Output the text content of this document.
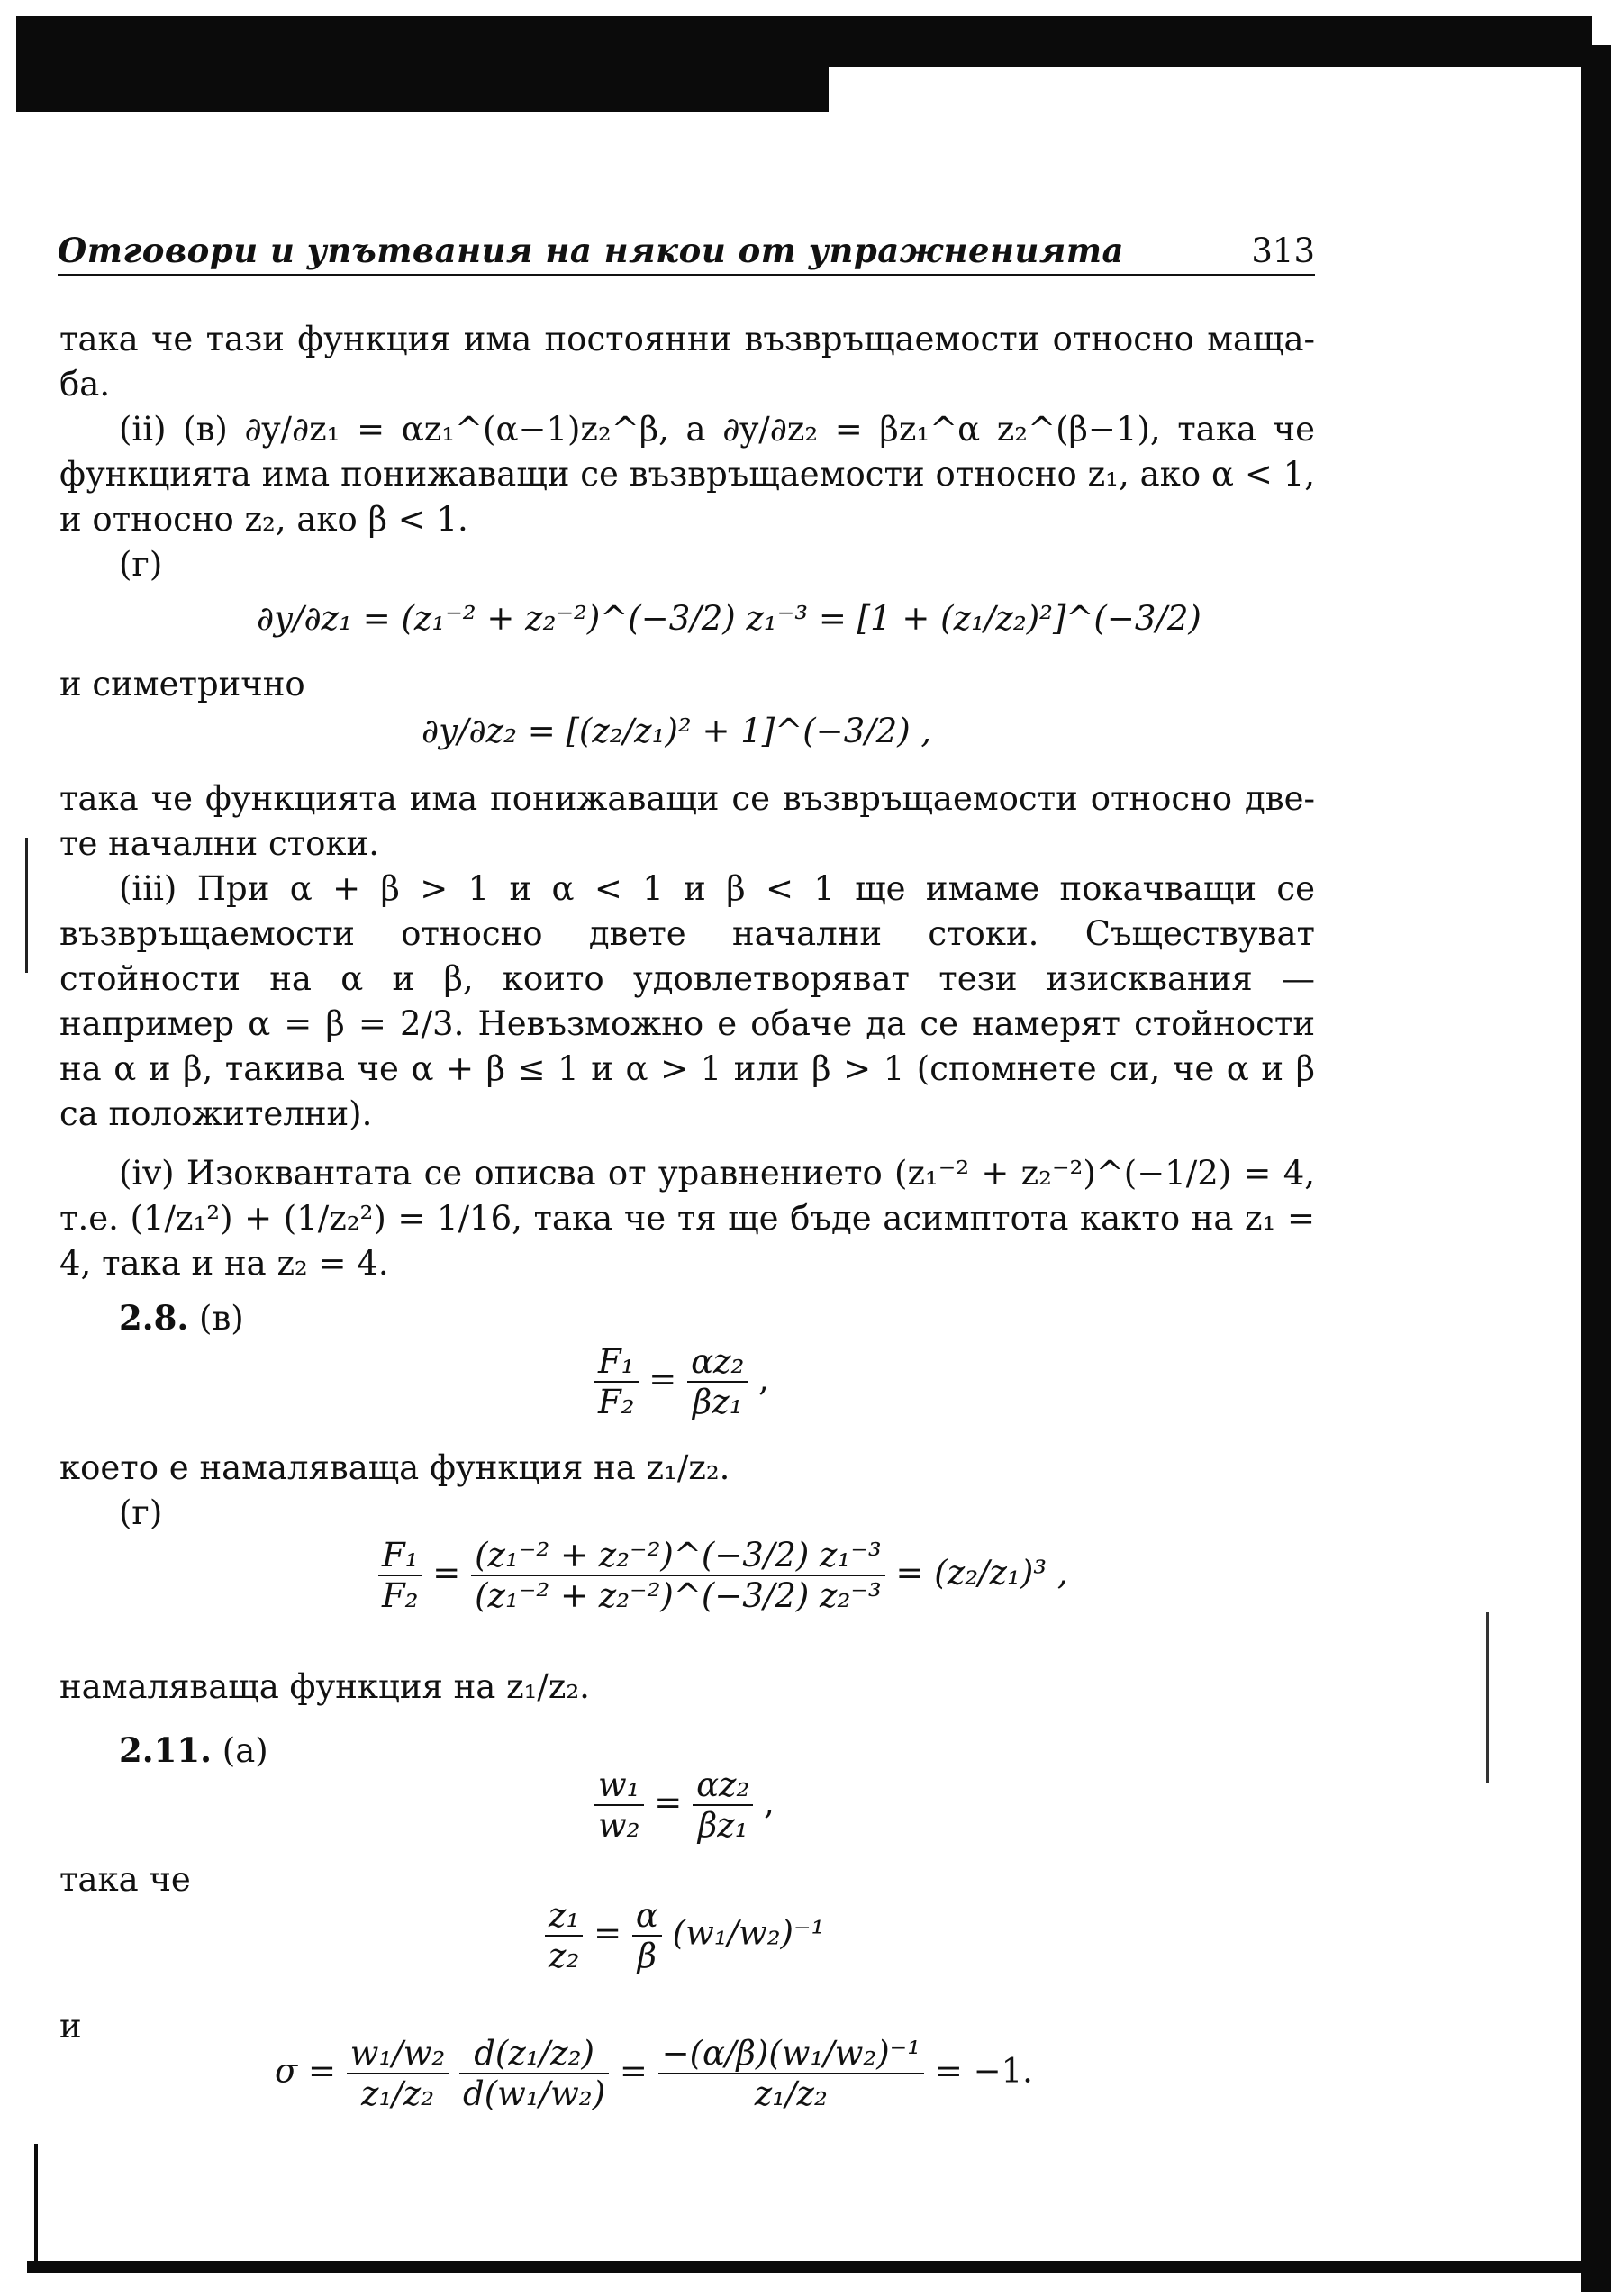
Отговори и упътвания на някои от упражненията	313
така че тази функция има постоянни възвръщаемости относно маща-ба.
(ii) (в) ∂y/∂z₁ = αz₁^(α−1)z₂^β, а ∂y/∂z₂ = βz₁^α z₂^(β−1), така че функцията има понижаващи се възвръщаемости относно z₁, ако α < 1, и относно z₂, ако β < 1.
(г)
∂y/∂z₁ = (z₁⁻² + z₂⁻²)^(−3/2) z₁⁻³ = [1 + (z₁/z₂)²]^(−3/2)
и симетрично
∂y/∂z₂ = [(z₂/z₁)² + 1]^(−3/2) ,
така че функцията има понижаващи се възвръщаемости относно две-те начални стоки.
(iii) При α + β > 1 и α < 1 и β < 1 ще имаме покачващи се възвръщаемости относно двете начални стоки. Съществуват стойности на α и β, които удовлетворяват тези изисквания — например α = β = 2/3. Невъзможно е обаче да се намерят стойности на α и β, такива че α + β ≤ 1 и α > 1 или β > 1 (спомнете си, че α и β са положителни).
(iv) Изоквантата се описва от уравнението (z₁⁻² + z₂⁻²)^(−1/2) = 4, т.е. (1/z₁²) + (1/z₂²) = 1/16, така че тя ще бъде асимптота както на z₁ = 4, така и на z₂ = 4.
2.8. (в)
$\frac{\text{F₁}}{\text{F₂}} = \frac{\text{αz₂}}{\text{βz₁}}$ ,
което е намаляваща функция на z₁/z₂.
(г)
$\frac{\text{F₁}}{\text{F₂}} = \frac{\text{(z₁⁻² + z₂⁻²)\textasciicircum{}(−3/2) z₁⁻³}}{\text{(z₁⁻² + z₂⁻²)\textasciicircum{}(−3/2) z₂⁻³}} = (z_2/z_1)^3$ ,
намаляваща функция на z₁/z₂.
2.11. (a)
$\frac{\text{w₁}}{\text{w₂}} = \frac{\text{αz₂}}{\text{βz₁}}$ ,
така че
$\frac{\text{z₁}}{\text{z₂}} = \frac{\alpha}{\beta} (w_1/w_2)^{-1}$
и
$\sigma = \frac{\text{w₁/w₂}}{\text{z₁/z₂}}$
$\frac{\text{d(z₁/z₂)}}{\text{d(w₁/w₂)}} = \frac{\text{−(α/β)(w₁/w₂)⁻¹}}{\text{z₁/z₂}} = -1$.
